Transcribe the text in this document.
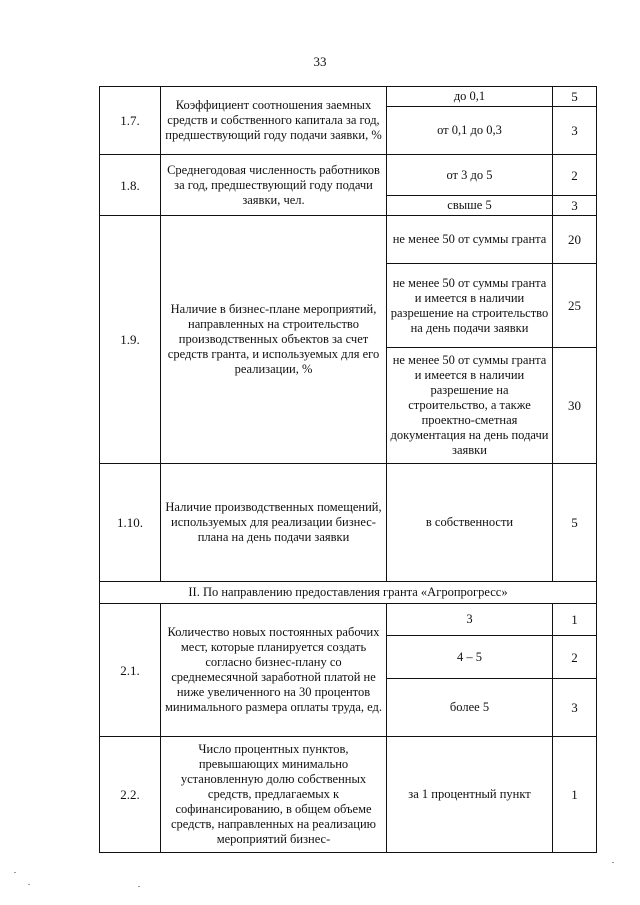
33
1.7.	Коэффициент соотношения заемных средств и собственного капитала за год, предшествующий году подачи заявки, %	до 0,1	5
		от 0,1 до 0,3	3
1.8.	Среднегодовая численность работников за год, предшествующий году подачи заявки, чел.	от 3 до 5	2
		свыше 5	3
1.9.	Наличие в бизнес-плане мероприятий, направленных на строительство производственных объектов за счет средств гранта, и используемых для его реализации, %	не менее 50 от суммы гранта	20
		не менее 50 от суммы гранта и имеется в наличии разрешение на строительство на день подачи заявки	25
		не менее 50 от суммы гранта и имеется в наличии разрешение на строительство, а также проектно-сметная документация на день подачи заявки	30
1.10.	Наличие производственных помещений, используемых для реализации бизнес-плана на день подачи заявки	в собственности	5
II. По направлению предоставления гранта «Агропрогресс»			
2.1.	Количество новых постоянных рабочих мест, которые планируется создать согласно бизнес-плану со среднемесячной заработной платой не ниже увеличенного на 30 процентов минимального размера оплаты труда, ед.	3	1
		4 – 5	2
		более 5	3
2.2.	Число процентных пунктов, превышающих минимально установленную долю собственных средств, предлагаемых к софинансированию, в общем объеме средств, направленных на реализацию мероприятий бизнес-	за 1 процентный пункт	1
